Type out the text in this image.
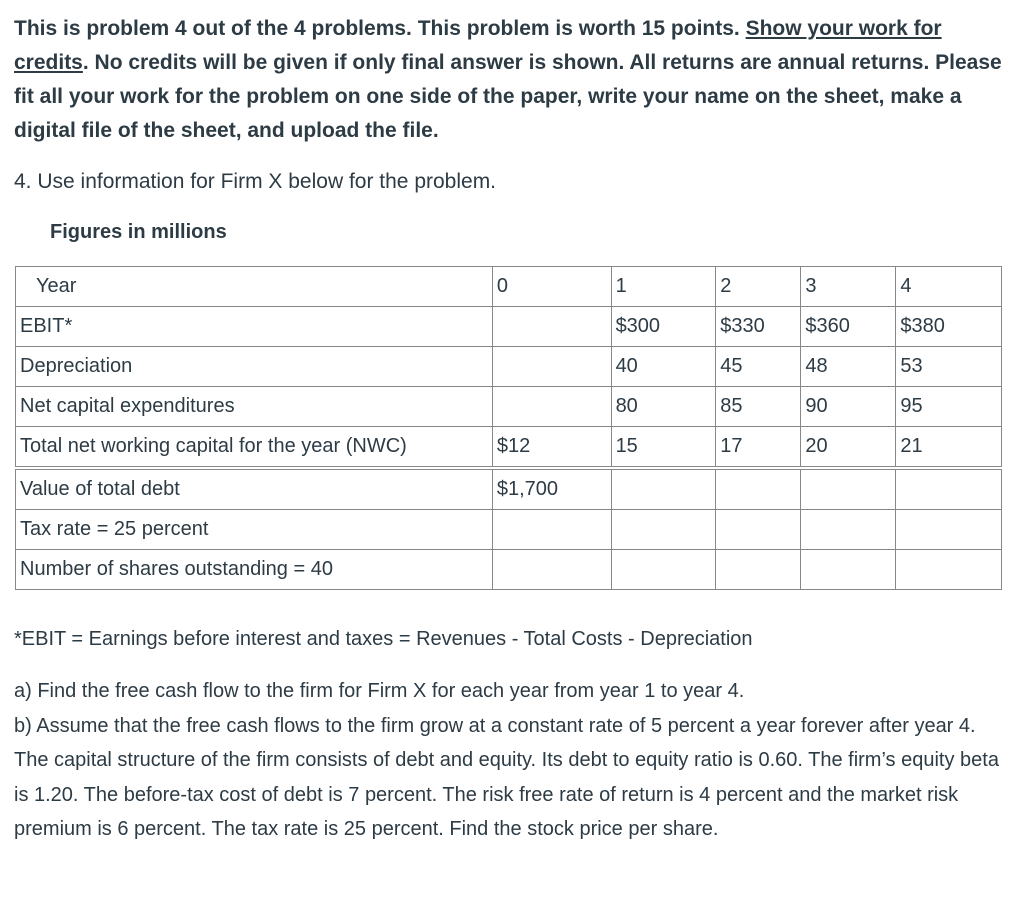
This is problem 4 out of the 4 problems. This problem is worth 15 points. Show your work for credits. No credits will be given if only final answer is shown. All returns are annual returns. Please fit all your work for the problem on one side of the paper, write your name on the sheet, make a digital file of the sheet, and upload the file.
4. Use information for Firm X below for the problem.
Figures in millions
Year	0	1	2	3	4
EBIT*		$300	$330	$360	$380
Depreciation		40	45	48	53
Net capital expenditures		80	85	90	95
Total net working capital for the year (NWC)	$12	15	17	20	21
Value of total debt	$1,700				
Tax rate = 25 percent					
Number of shares outstanding = 40					
*EBIT = Earnings before interest and taxes = Revenues - Total Costs - Depreciation

a) Find the free cash flow to the firm for Firm X for each year from year 1 to year 4.

b) Assume that the free cash flows to the firm grow at a constant rate of 5 percent a year forever after year 4. The capital structure of the firm consists of debt and equity. Its debt to equity ratio is 0.60. The firm’s equity beta is 1.20. The before-tax cost of debt is 7 percent. The risk free rate of return is 4 percent and the market risk premium is 6 percent. The tax rate is 25 percent. Find the stock price per share.
